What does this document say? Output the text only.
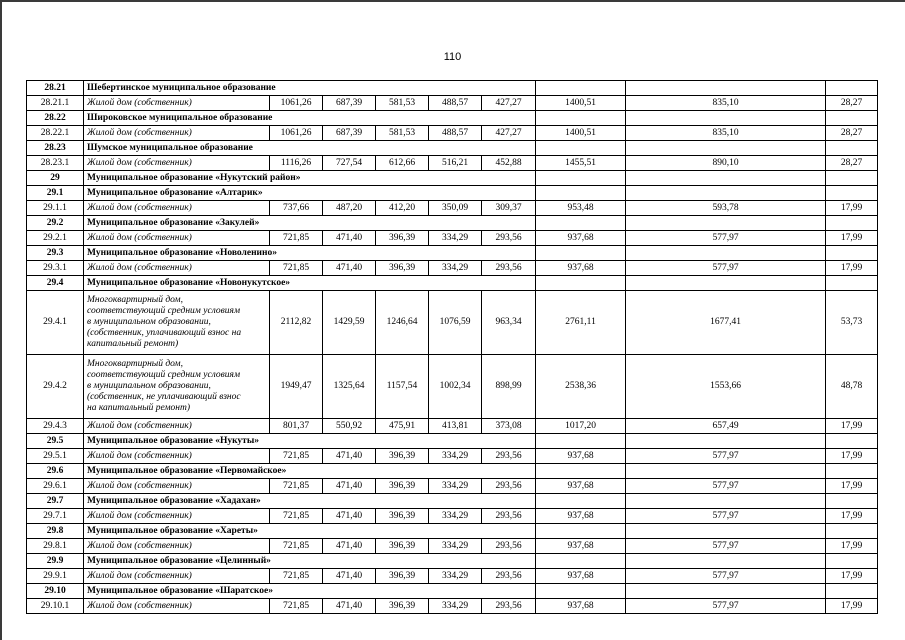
110
28.21	Шебертинское муниципальное образование								
28.21.1	Жилой дом (собственник)	1061,26	687,39	581,53	488,57	427,27	1400,51	835,10	28,27
28.22	Широковское муниципальное образование								
28.22.1	Жилой дом (собственник)	1061,26	687,39	581,53	488,57	427,27	1400,51	835,10	28,27
28.23	Шумское муниципальное образование								
28.23.1	Жилой дом (собственник)	1116,26	727,54	612,66	516,21	452,88	1455,51	890,10	28,27
29	Муниципальное образование «Нукутский район»								
29.1	Муниципальное образование «Алтарик»								
29.1.1	Жилой дом (собственник)	737,66	487,20	412,20	350,09	309,37	953,48	593,78	17,99
29.2	Муниципальное образование «Закулей»								
29.2.1	Жилой дом (собственник)	721,85	471,40	396,39	334,29	293,56	937,68	577,97	17,99
29.3	Муниципальное образование «Новоленино»								
29.3.1	Жилой дом (собственник)	721,85	471,40	396,39	334,29	293,56	937,68	577,97	17,99
29.4	Муниципальное образование «Новонукутское»								
29.4.1	Многоквартирный дом,
соответствующий средним условиям
в муниципальном образовании,
(собственник, уплачивающий взнос на
капитальный ремонт)	2112,82	1429,59	1246,64	1076,59	963,34	2761,11	1677,41	53,73
29.4.2	Многоквартирный дом,
соответствующий средним условиям
в муниципальном образовании,
(собственник, не уплачивающий взнос
на капитальный ремонт)	1949,47	1325,64	1157,54	1002,34	898,99	2538,36	1553,66	48,78
29.4.3	Жилой дом (собственник)	801,37	550,92	475,91	413,81	373,08	1017,20	657,49	17,99
29.5	Муниципальное образование «Нукуты»								
29.5.1	Жилой дом (собственник)	721,85	471,40	396,39	334,29	293,56	937,68	577,97	17,99
29.6	Муниципальное образование «Первомайское»								
29.6.1	Жилой дом (собственник)	721,85	471,40	396,39	334,29	293,56	937,68	577,97	17,99
29.7	Муниципальное образование «Хадахан»								
29.7.1	Жилой дом (собственник)	721,85	471,40	396,39	334,29	293,56	937,68	577,97	17,99
29.8	Муниципальное образование «Хареты»								
29.8.1	Жилой дом (собственник)	721,85	471,40	396,39	334,29	293,56	937,68	577,97	17,99
29.9	Муниципальное образование «Целинный»								
29.9.1	Жилой дом (собственник)	721,85	471,40	396,39	334,29	293,56	937,68	577,97	17,99
29.10	Муниципальное образование «Шаратское»								
29.10.1	Жилой дом (собственник)	721,85	471,40	396,39	334,29	293,56	937,68	577,97	17,99
